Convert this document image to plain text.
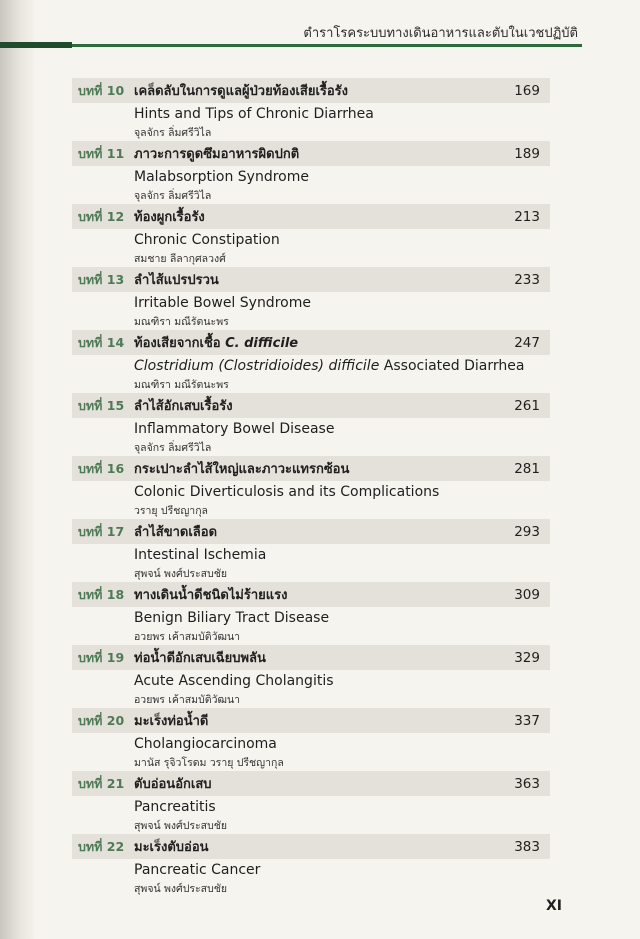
ตำราโรคระบบทางเดินอาหารและตับในเวชปฏิบัติ
บทที่ 10 เคล็ดลับในการดูแลผู้ป่วยท้องเสียเรื้อรัง	169
Hints and Tips of Chronic Diarrhea
จุลจักร ลิ่มศรีวิไล
บทที่ 11 ภาวะการดูดซึมอาหารผิดปกติ	189
Malabsorption Syndrome
จุลจักร ลิ่มศรีวิไล
บทที่ 12 ท้องผูกเรื้อรัง	213
Chronic Constipation
สมชาย ลีลากุศลวงศ์
บทที่ 13 ลำไส้แปรปรวน	233
Irritable Bowel Syndrome
มณฑิรา มณีรัตนะพร
บทที่ 14 ท้องเสียจากเชื้อ C. difficile	247
Clostridium (Clostridioides) difficile Associated Diarrhea
มณฑิรา มณีรัตนะพร
บทที่ 15 ลำไส้อักเสบเรื้อรัง	261
Inflammatory Bowel Disease
จุลจักร ลิ่มศรีวิไล
บทที่ 16 กระเปาะลำไส้ใหญ่และภาวะแทรกซ้อน	281
Colonic Diverticulosis and its Complications
วรายุ ปรีชญากุล
บทที่ 17 ลำไส้ขาดเลือด	293
Intestinal Ischemia
สุพจน์ พงศ์ประสบชัย
บทที่ 18 ทางเดินน้ำดีชนิดไม่ร้ายแรง	309
Benign Biliary Tract Disease
อวยพร เค้าสมบัติวัฒนา
บทที่ 19 ท่อน้ำดีอักเสบเฉียบพลัน	329
Acute Ascending Cholangitis
อวยพร เค้าสมบัติวัฒนา
บทที่ 20 มะเร็งท่อน้ำดี	337
Cholangiocarcinoma
มานัส รุจิวโรดม วรายุ ปรีชญากุล
บทที่ 21 ตับอ่อนอักเสบ	363
Pancreatitis
สุพจน์ พงศ์ประสบชัย
บทที่ 22 มะเร็งตับอ่อน	383
Pancreatic Cancer
สุพจน์ พงศ์ประสบชัย
XI
